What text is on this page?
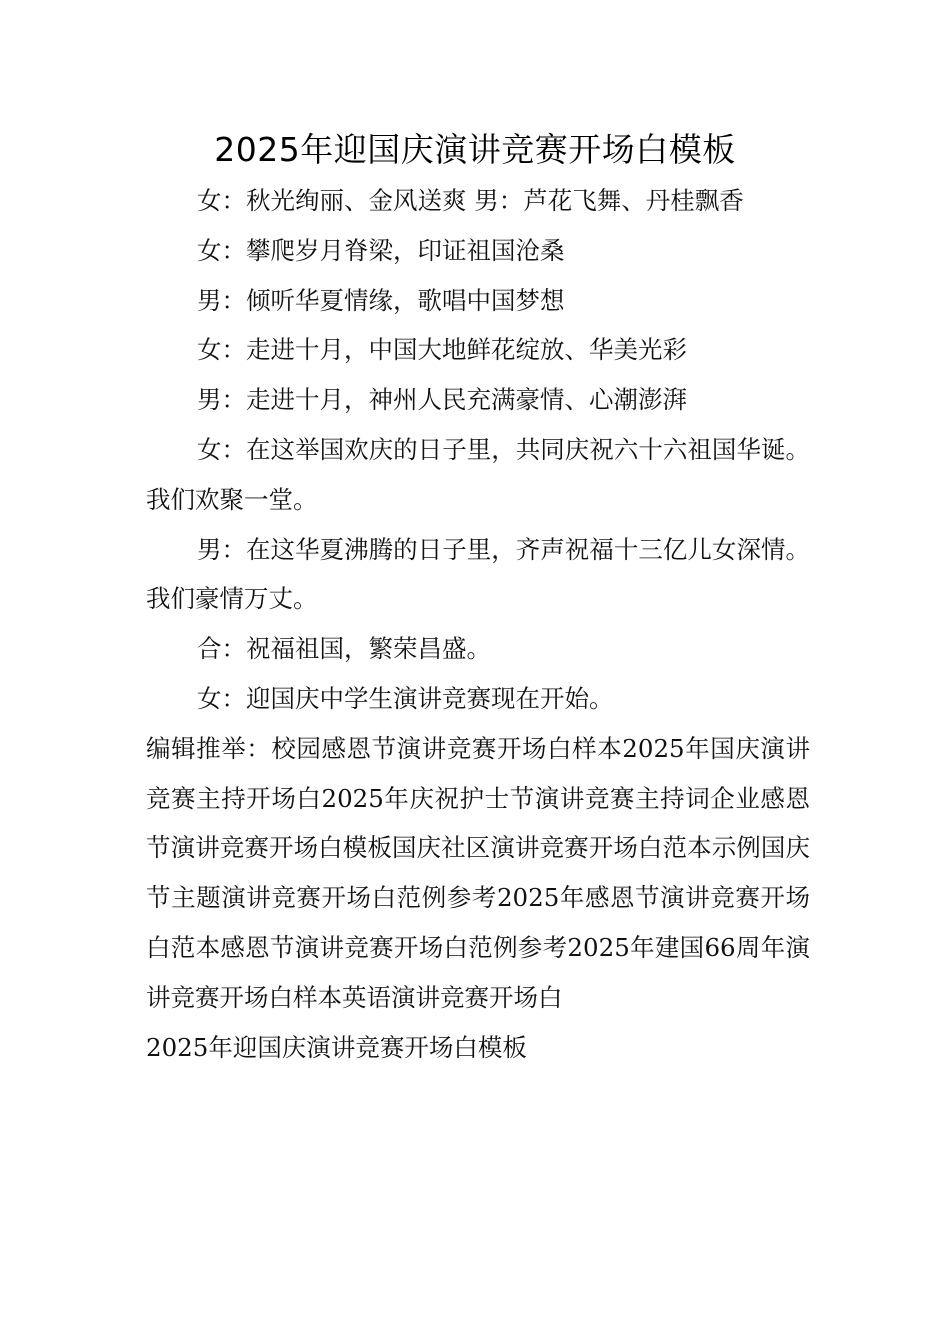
2025年迎国庆演讲竞赛开场白模板

女：秋光绚丽、金风送爽 男：芦花飞舞、丹桂飘香

女：攀爬岁月脊梁，印证祖国沧桑

男：倾听华夏情缘，歌唱中国梦想

女：走进十月，中国大地鲜花绽放、华美光彩

男：走进十月，神州人民充满豪情、心潮澎湃

女：在这举国欢庆的日子里，共同庆祝六十六祖国华诞。我们欢聚一堂。

男：在这华夏沸腾的日子里，齐声祝福十三亿儿女深情。我们豪情万丈。

合：祝福祖国，繁荣昌盛。

女：迎国庆中学生演讲竞赛现在开始。

编辑推举：校园感恩节演讲竞赛开场白样本2025年国庆演讲竞赛主持开场白2025年庆祝护士节演讲竞赛主持词企业感恩节演讲竞赛开场白模板国庆社区演讲竞赛开场白范本示例国庆节主题演讲竞赛开场白范例参考2025年感恩节演讲竞赛开场白范本感恩节演讲竞赛开场白范例参考2025年建国66周年演讲竞赛开场白样本英语演讲竞赛开场白

2025年迎国庆演讲竞赛开场白模板
